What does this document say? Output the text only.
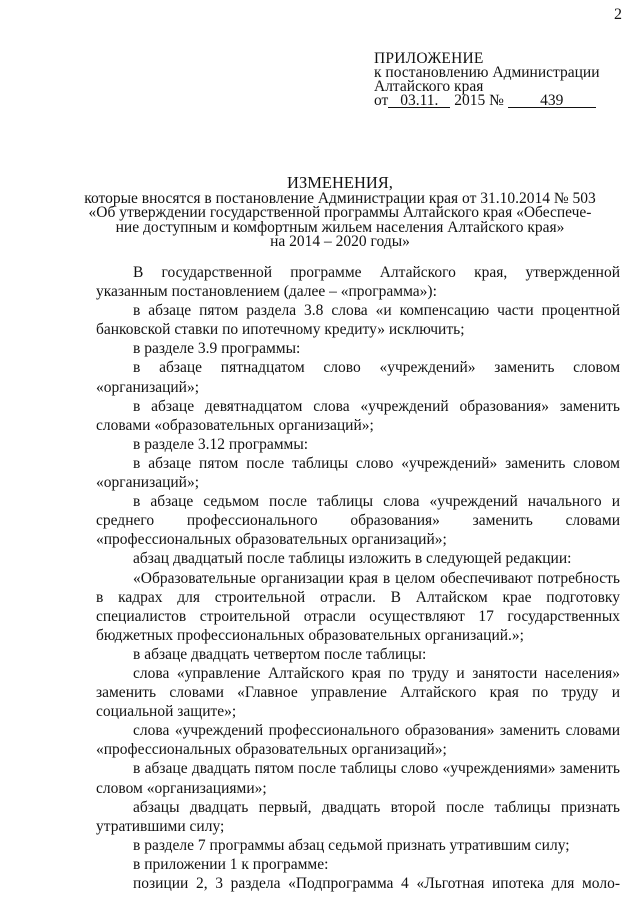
2
ПРИЛОЖЕНИЕ
к постановлению Администрации
Алтайского края
от 03.11. 2015 № 439
ИЗМЕНЕНИЯ,
которые вносятся в постановление Администрации края от 31.10.2014 № 503
«Об утверждении государственной программы Алтайского края «Обеспече-
ние доступным и комфортным жильем населения Алтайского края»
на 2014 – 2020 годы»

В государственной программе Алтайского края, утвержденной указанным постановлением (далее – «программа»):

в абзаце пятом раздела 3.8 слова «и компенсацию части процентной банковской ставки по ипотечному кредиту» исключить;

в разделе 3.9 программы:

в абзаце пятнадцатом слово «учреждений» заменить словом «организаций»;

в абзаце девятнадцатом слова «учреждений образования» заменить словами «образовательных организаций»;

в разделе 3.12 программы:

в абзаце пятом после таблицы слово «учреждений» заменить словом «организаций»;

в абзаце седьмом после таблицы слова «учреждений начального и среднего профессионального образования» заменить словами «профессиональных образовательных организаций»;

абзац двадцатый после таблицы изложить в следующей редакции:

«Образовательные организации края в целом обеспечивают потребность в кадрах для строительной отрасли. В Алтайском крае подготовку специалистов строительной отрасли осуществляют 17 государственных бюджетных профессиональных образовательных организаций.»;

в абзаце двадцать четвертом после таблицы:

слова «управление Алтайского края по труду и занятости населения» заменить словами «Главное управление Алтайского края по труду и социальной защите»;

слова «учреждений профессионального образования» заменить словами «профессиональных образовательных организаций»;

в абзаце двадцать пятом после таблицы слово «учреждениями» заменить словом «организациями»;

абзацы двадцать первый, двадцать второй после таблицы признать утратившими силу;

в разделе 7 программы абзац седьмой признать утратившим силу;

в приложении 1 к программе:

позиции 2, 3 раздела «Подпрограмма 4 «Льготная ипотека для моло-
